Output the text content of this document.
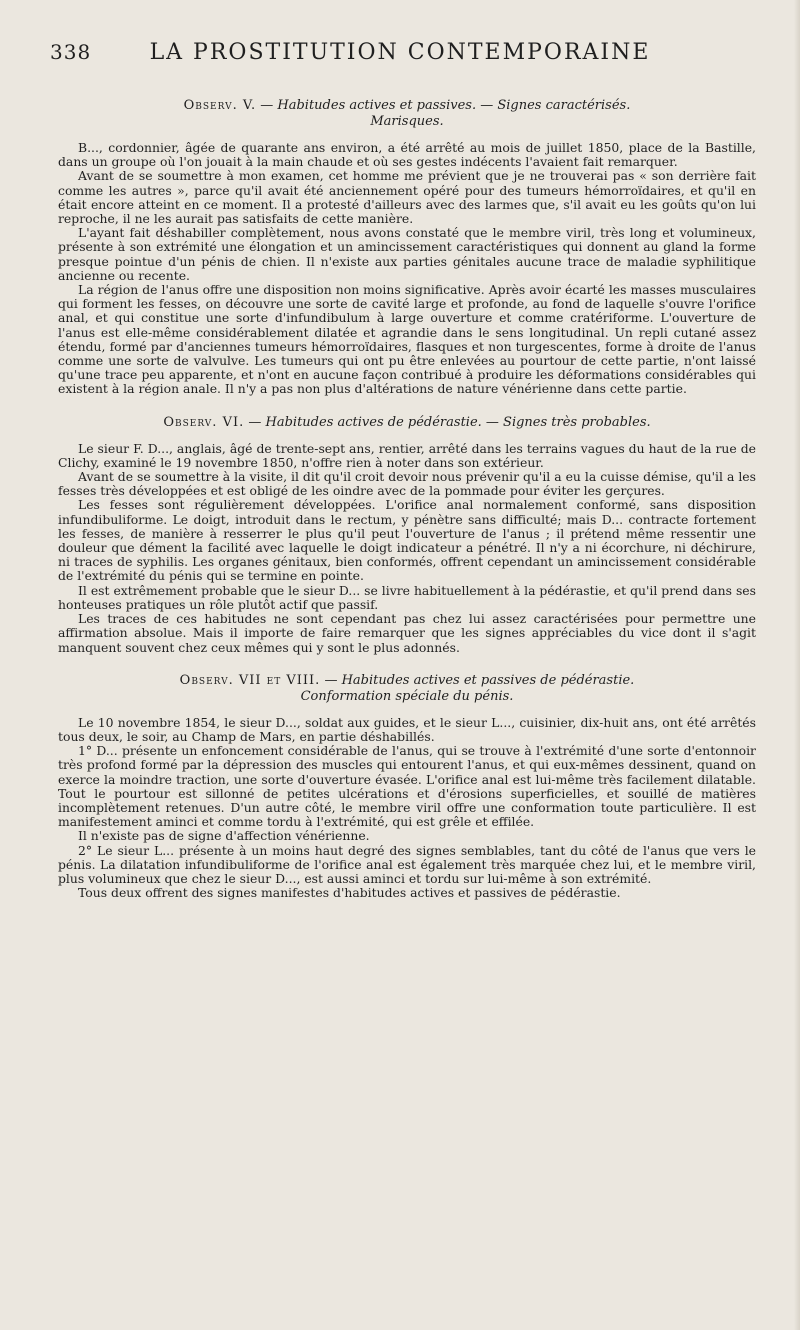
338	LA PROSTITUTION CONTEMPORAINE
Observ. V. — Habitudes actives et passives. — Signes caractérisés.
Marisques.

B..., cordonnier, âgée de quarante ans environ, a été arrêté au mois de juillet 1850, place de la Bastille, dans un groupe où l'on jouait à la main chaude et où ses gestes indécents l'avaient fait remarquer.

Avant de se soumettre à mon examen, cet homme me prévient que je ne trouverai pas « son derrière fait comme les autres », parce qu'il avait été anciennement opéré pour des tumeurs hémorroïdaires, et qu'il en était encore atteint en ce moment. Il a protesté d'ailleurs avec des larmes que, s'il avait eu les goûts qu'on lui reproche, il ne les aurait pas satisfaits de cette manière.

L'ayant fait déshabiller complètement, nous avons constaté que le membre viril, très long et volumineux, présente à son extrémité une élongation et un amincissement caractéristiques qui donnent au gland la forme presque pointue d'un pénis de chien. Il n'existe aux parties génitales aucune trace de maladie syphilitique ancienne ou recente.

La région de l'anus offre une disposition non moins significative. Après avoir écarté les masses musculaires qui forment les fesses, on découvre une sorte de cavité large et profonde, au fond de laquelle s'ouvre l'orifice anal, et qui constitue une sorte d'infundibulum à large ouverture et comme cratériforme. L'ouverture de l'anus est elle-même considérablement dilatée et agrandie dans le sens longitudinal. Un repli cutané assez étendu, formé par d'anciennes tumeurs hémorroïdaires, flasques et non turgescentes, forme à droite de l'anus comme une sorte de valvulve. Les tumeurs qui ont pu être enlevées au pourtour de cette partie, n'ont laissé qu'une trace peu apparente, et n'ont en aucune façon contribué à produire les déformations considérables qui existent à la région anale. Il n'y a pas non plus d'altérations de nature vénérienne dans cette partie.

Observ. VI. — Habitudes actives de pédérastie. — Signes très probables.

Le sieur F. D..., anglais, âgé de trente-sept ans, rentier, arrêté dans les terrains vagues du haut de la rue de Clichy, examiné le 19 novembre 1850, n'offre rien à noter dans son extérieur.

Avant de se soumettre à la visite, il dit qu'il croit devoir nous prévenir qu'il a eu la cuisse démise, qu'il a les fesses très développées et est obligé de les oindre avec de la pommade pour éviter les gerçures.

Les fesses sont régulièrement développées. L'orifice anal normalement conformé, sans disposition infundibuliforme. Le doigt, introduit dans le rectum, y pénètre sans difficulté; mais D... contracte fortement les fesses, de manière à resserrer le plus qu'il peut l'ouverture de l'anus ; il prétend même ressentir une douleur que dément la facilité avec laquelle le doigt indicateur a pénétré. Il n'y a ni écorchure, ni déchirure, ni traces de syphilis. Les organes génitaux, bien conformés, offrent cependant un amincissement considérable de l'extrémité du pénis qui se termine en pointe.

Il est extrêmement probable que le sieur D... se livre habituellement à la pédérastie, et qu'il prend dans ses honteuses pratiques un rôle plutôt actif que passif.

Les traces de ces habitudes ne sont cependant pas chez lui assez caractérisées pour permettre une affirmation absolue. Mais il importe de faire remarquer que les signes appréciables du vice dont il s'agit manquent souvent chez ceux mêmes qui y sont le plus adonnés.

Observ. VII et VIII. — Habitudes actives et passives de pédérastie.
Conformation spéciale du pénis.

Le 10 novembre 1854, le sieur D..., soldat aux guides, et le sieur L..., cuisinier, dix-huit ans, ont été arrêtés tous deux, le soir, au Champ de Mars, en partie déshabillés.

1° D... présente un enfoncement considérable de l'anus, qui se trouve à l'extrémité d'une sorte d'entonnoir très profond formé par la dépression des muscles qui entourent l'anus, et qui eux-mêmes dessinent, quand on exerce la moindre traction, une sorte d'ouverture évasée. L'orifice anal est lui-même très facilement dilatable. Tout le pourtour est sillonné de petites ulcérations et d'érosions superficielles, et souillé de matières incomplètement retenues. D'un autre côté, le membre viril offre une conformation toute particulière. Il est manifestement aminci et comme tordu à l'extrémité, qui est grêle et effilée.

Il n'existe pas de signe d'affection vénérienne.

2° Le sieur L... présente à un moins haut degré des signes semblables, tant du côté de l'anus que vers le pénis. La dilatation infundibuliforme de l'orifice anal est également très marquée chez lui, et le membre viril, plus volumineux que chez le sieur D..., est aussi aminci et tordu sur lui-même à son extrémité.

Tous deux offrent des signes manifestes d'habitudes actives et passives de pédérastie.
